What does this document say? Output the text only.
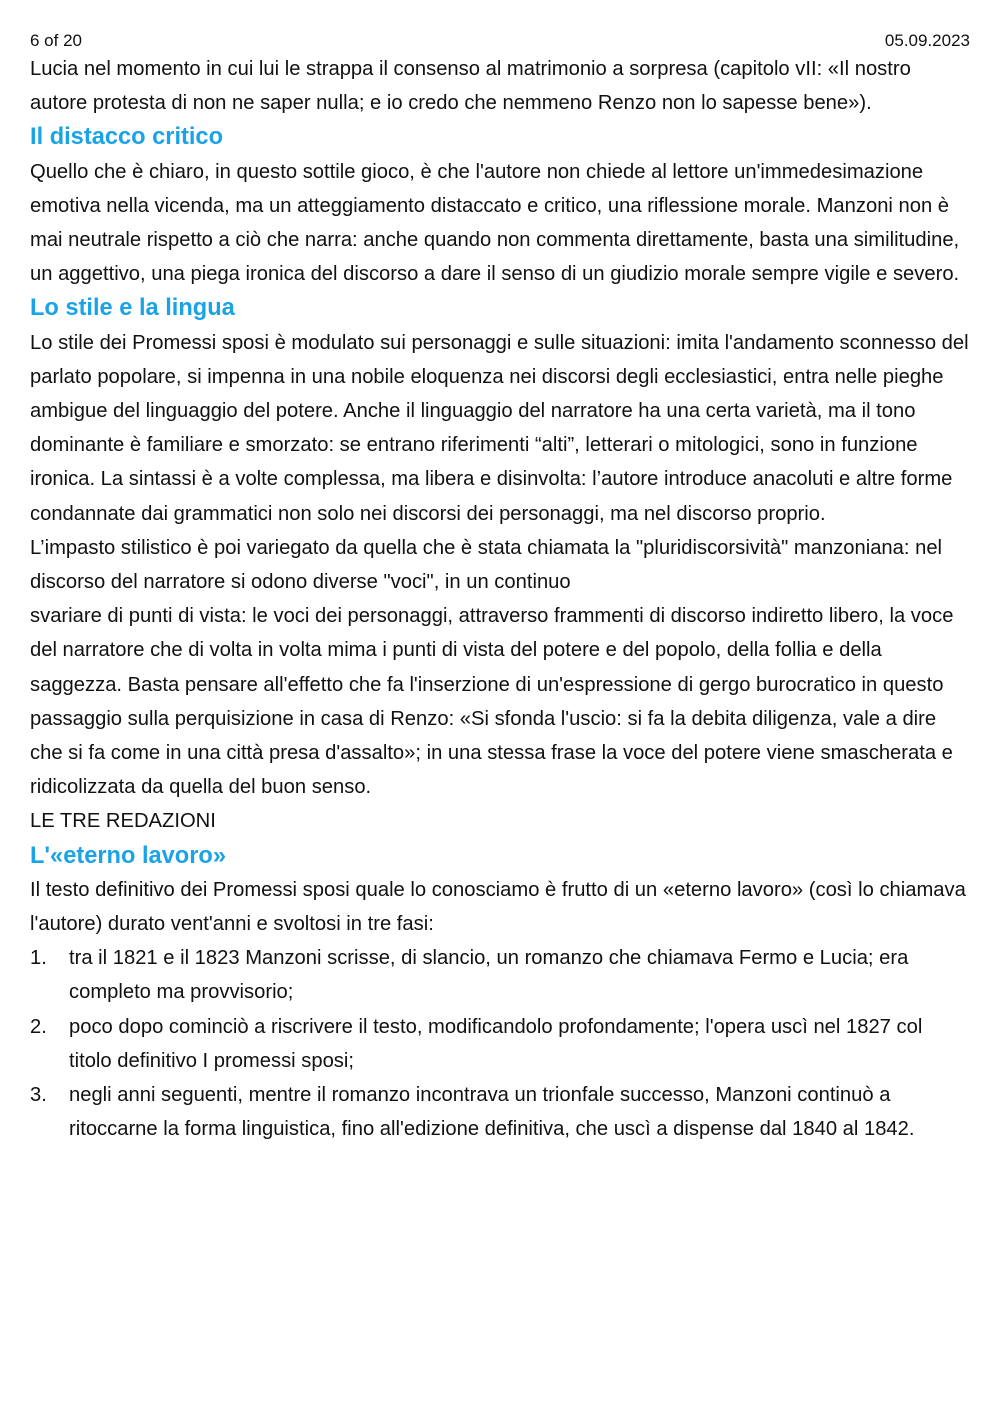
6 of 20	05.09.2023

Lucia nel momento in cui lui le strappa il consenso al matrimonio a sorpresa (capitolo vII: «Il nostro autore protesta di non ne saper nulla; e io credo che nemmeno Renzo non lo sapesse bene»).

Il distacco critico

Quello che è chiaro, in questo sottile gioco, è che l'autore non chiede al lettore un'immedesimazione emotiva nella vicenda, ma un atteggiamento distaccato e critico, una riflessione morale. Manzoni non è mai neutrale rispetto a ciò che narra: anche quando non commenta direttamente, basta una similitudine, un aggettivo, una piega ironica del discorso a dare il senso di un giudizio morale sempre vigile e severo.

Lo stile e la lingua

Lo stile dei Promessi sposi è modulato sui personaggi e sulle situazioni: imita l'andamento sconnesso del parlato popolare, si impenna in una nobile eloquenza nei discorsi degli ecclesiastici, entra nelle pieghe ambigue del linguaggio del potere. Anche il linguaggio del narratore ha una certa varietà, ma il tono dominante è familiare e smorzato: se entrano riferimenti “alti”, letterari o mitologici, sono in funzione ironica. La sintassi è a volte complessa, ma libera e disinvolta: l’autore introduce anacoluti e altre forme condannate dai grammatici non solo nei discorsi dei personaggi, ma nel discorso proprio.

L’impasto stilistico è poi variegato da quella che è stata chiamata la "pluridiscorsività" manzoniana: nel discorso del narratore si odono diverse "voci", in un continuo

svariare di punti di vista: le voci dei personaggi, attraverso frammenti di discorso indiretto libero, la voce del narratore che di volta in volta mima i punti di vista del potere e del popolo, della follia e della saggezza. Basta pensare all'effetto che fa l'inserzione di un'espressione di gergo burocratico in questo passaggio sulla perquisizione in casa di Renzo: «Si sfonda l'uscio: si fa la debita diligenza, vale a dire che si fa come in una città presa d'assalto»; in una stessa frase la voce del potere viene smascherata e ridicolizzata da quella del buon senso.

LE TRE REDAZIONI

L'«eterno lavoro»

Il testo definitivo dei Promessi sposi quale lo conosciamo è frutto di un «eterno lavoro» (così lo chiamava l'autore) durato vent'anni e svoltosi in tre fasi:

1. tra il 1821 e il 1823 Manzoni scrisse, di slancio, un romanzo che chiamava Fermo e Lucia; era completo ma provvisorio;
2. poco dopo cominciò a riscrivere il testo, modificandolo profondamente; l'opera uscì nel 1827 col titolo definitivo I promessi sposi;
3. negli anni seguenti, mentre il romanzo incontrava un trionfale successo, Manzoni continuò a ritoccarne la forma linguistica, fino all'edizione definitiva, che uscì a dispense dal 1840 al 1842.
